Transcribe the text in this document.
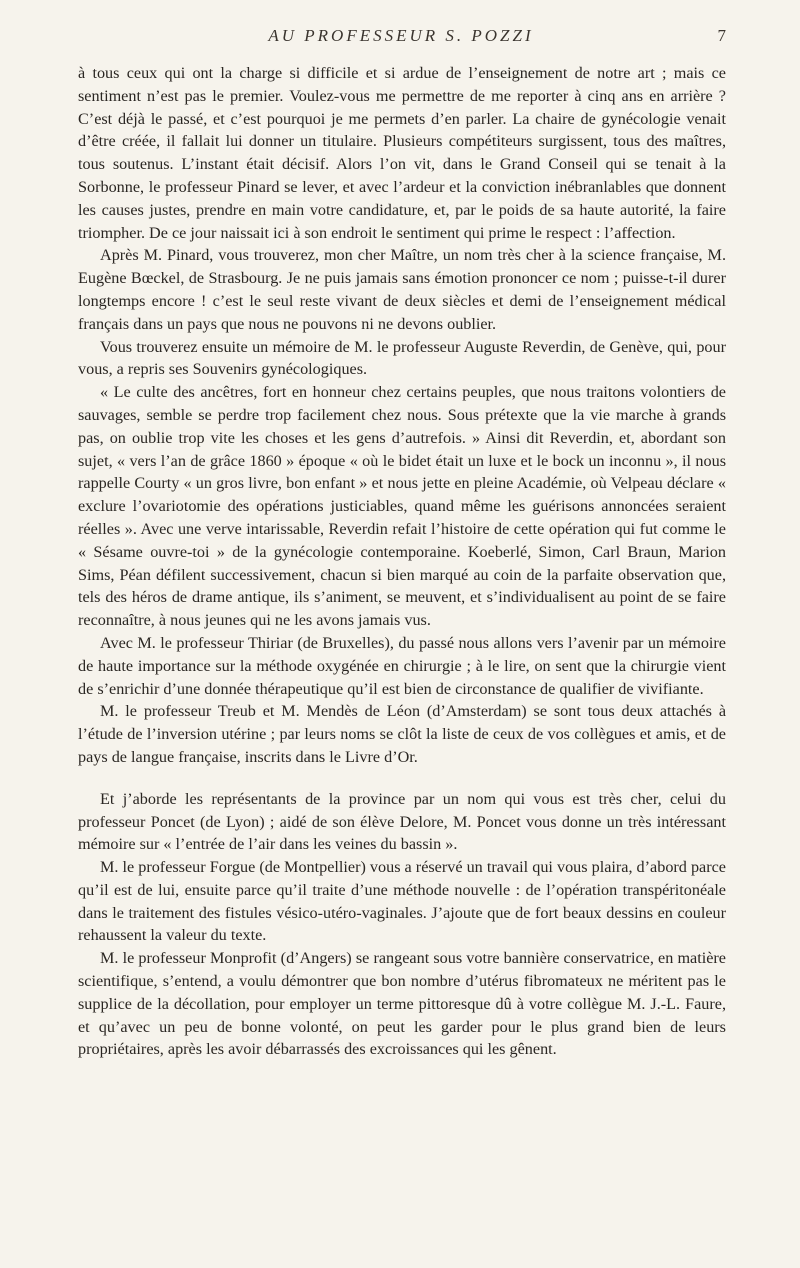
AU PROFESSEUR S. POZZI	7

à tous ceux qui ont la charge si difficile et si ardue de l’enseignement de notre art ; mais ce sentiment n’est pas le premier. Voulez-vous me permettre de me reporter à cinq ans en arrière ? C’est déjà le passé, et c’est pourquoi je me permets d’en parler. La chaire de gynécologie venait d’être créée, il fallait lui donner un titulaire. Plusieurs compétiteurs surgissent, tous des maîtres, tous soutenus. L’instant était décisif. Alors l’on vit, dans le Grand Conseil qui se tenait à la Sorbonne, le professeur Pinard se lever, et avec l’ardeur et la conviction inébranlables que donnent les causes justes, prendre en main votre candidature, et, par le poids de sa haute autorité, la faire triompher. De ce jour naissait ici à son endroit le sentiment qui prime le respect : l’affection.

Après M. Pinard, vous trouverez, mon cher Maître, un nom très cher à la science française, M. Eugène Bœckel, de Strasbourg. Je ne puis jamais sans émotion prononcer ce nom ; puisse-t-il durer longtemps encore ! c’est le seul reste vivant de deux siècles et demi de l’enseignement médical français dans un pays que nous ne pouvons ni ne devons oublier.

Vous trouverez ensuite un mémoire de M. le professeur Auguste Reverdin, de Genève, qui, pour vous, a repris ses Souvenirs gynécologiques.

« Le culte des ancêtres, fort en honneur chez certains peuples, que nous traitons volontiers de sauvages, semble se perdre trop facilement chez nous. Sous prétexte que la vie marche à grands pas, on oublie trop vite les choses et les gens d’autrefois. » Ainsi dit Reverdin, et, abordant son sujet, « vers l’an de grâce 1860 » époque « où le bidet était un luxe et le bock un inconnu », il nous rappelle Courty « un gros livre, bon enfant » et nous jette en pleine Académie, où Velpeau déclare « exclure l’ovariotomie des opérations justiciables, quand même les guérisons annoncées seraient réelles ». Avec une verve intarissable, Reverdin refait l’histoire de cette opération qui fut comme le « Sésame ouvre-toi » de la gynécologie contemporaine. Koeberlé, Simon, Carl Braun, Marion Sims, Péan défilent successivement, chacun si bien marqué au coin de la parfaite observation que, tels des héros de drame antique, ils s’animent, se meuvent, et s’individualisent au point de se faire reconnaître, à nous jeunes qui ne les avons jamais vus.

Avec M. le professeur Thiriar (de Bruxelles), du passé nous allons vers l’avenir par un mémoire de haute importance sur la méthode oxygénée en chirurgie ; à le lire, on sent que la chirurgie vient de s’enrichir d’une donnée thérapeutique qu’il est bien de circonstance de qualifier de vivifiante.

M. le professeur Treub et M. Mendès de Léon (d’Amsterdam) se sont tous deux attachés à l’étude de l’inversion utérine ; par leurs noms se clôt la liste de ceux de vos collègues et amis, et de pays de langue française, inscrits dans le Livre d’Or.

Et j’aborde les représentants de la province par un nom qui vous est très cher, celui du professeur Poncet (de Lyon) ; aidé de son élève Delore, M. Poncet vous donne un très intéressant mémoire sur « l’entrée de l’air dans les veines du bassin ».

M. le professeur Forgue (de Montpellier) vous a réservé un travail qui vous plaira, d’abord parce qu’il est de lui, ensuite parce qu’il traite d’une méthode nouvelle : de l’opération transpéritonéale dans le traitement des fistules vésico-utéro-vaginales. J’ajoute que de fort beaux dessins en couleur rehaussent la valeur du texte.

M. le professeur Monprofit (d’Angers) se rangeant sous votre bannière conservatrice, en matière scientifique, s’entend, a voulu démontrer que bon nombre d’utérus fibromateux ne méritent pas le supplice de la décollation, pour employer un terme pittoresque dû à votre collègue M. J.-L. Faure, et qu’avec un peu de bonne volonté, on peut les garder pour le plus grand bien de leurs propriétaires, après les avoir débarrassés des excroissances qui les gênent.
